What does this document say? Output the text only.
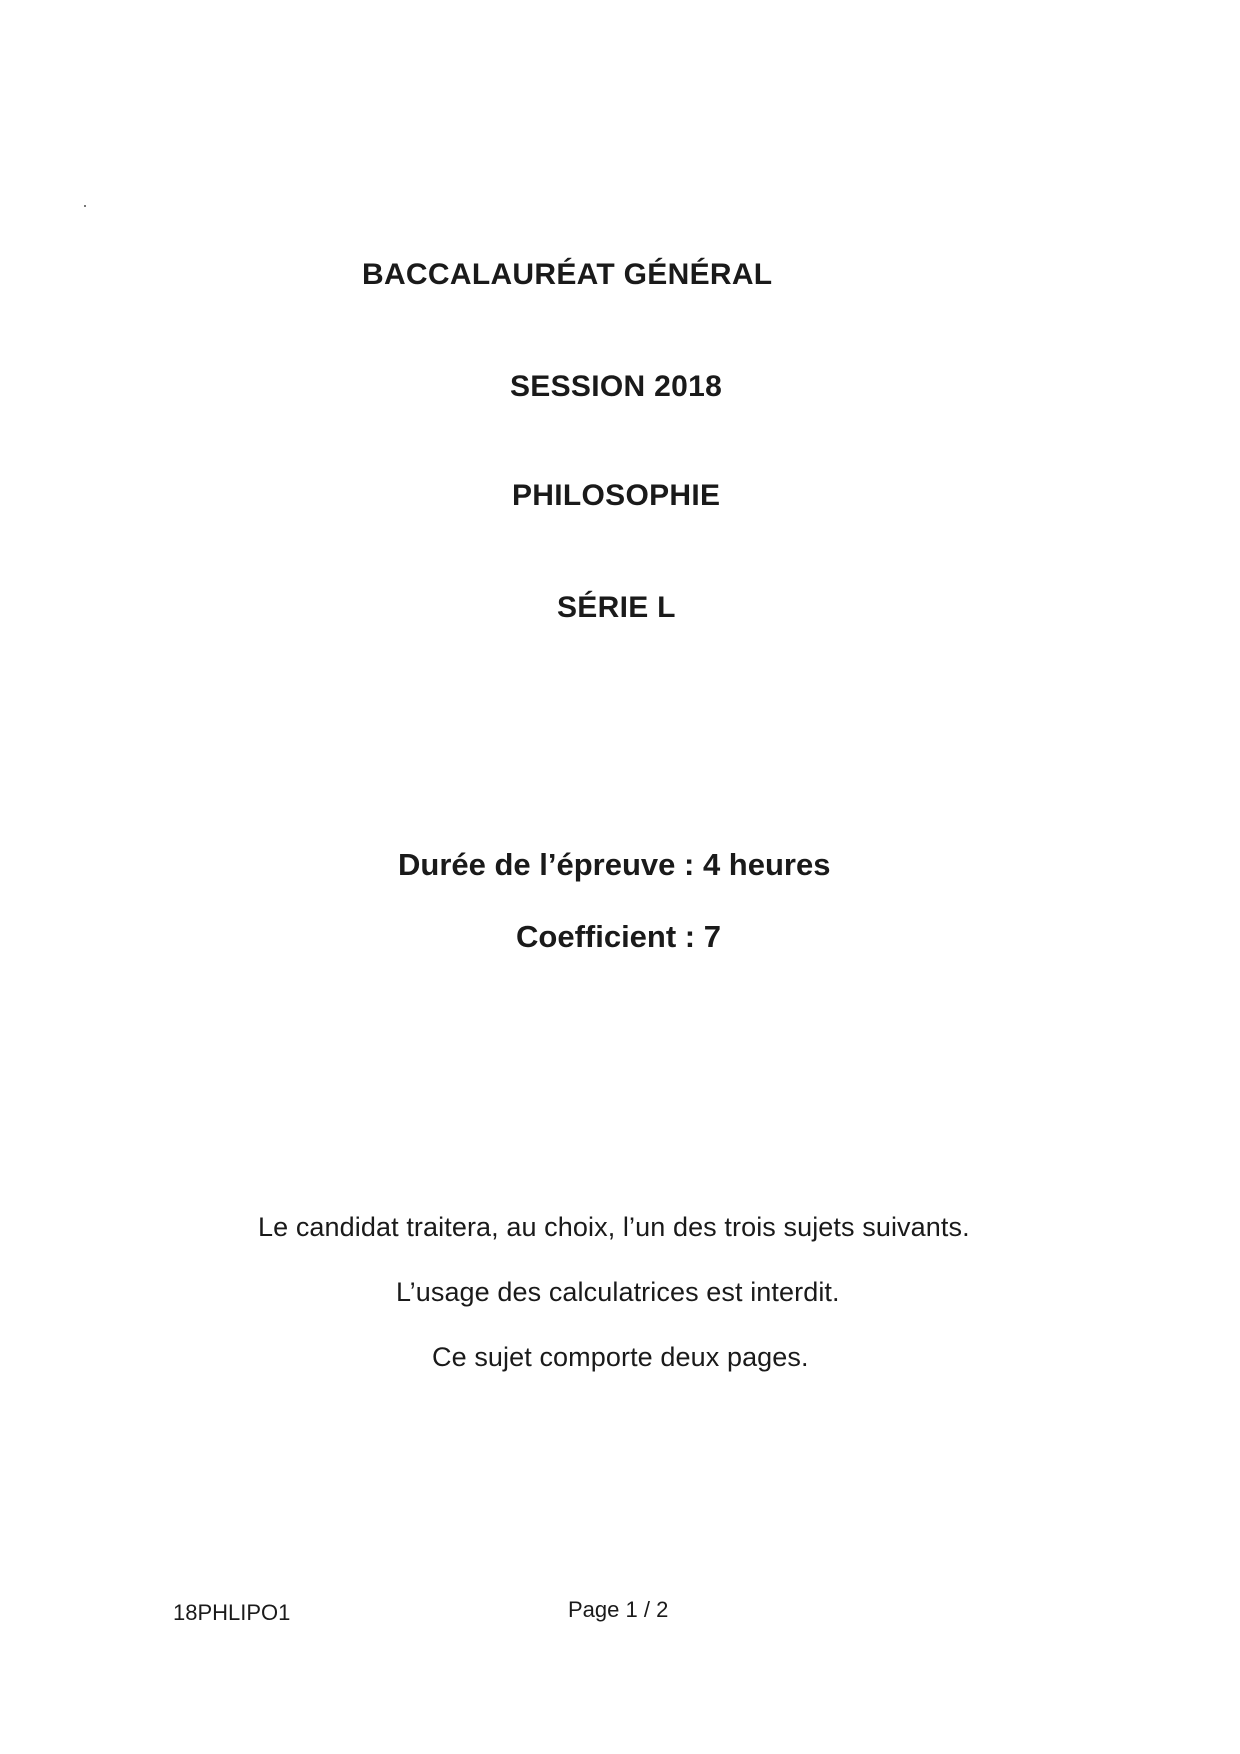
BACCALAURÉAT GÉNÉRAL
SESSION 2018
PHILOSOPHIE
SÉRIE L
Durée de l’épreuve : 4 heures
Coefficient : 7
Le candidat traitera, au choix, l’un des trois sujets suivants.
L’usage des calculatrices est interdit.
Ce sujet comporte deux pages.
18PHLIPO1	Page 1 / 2
